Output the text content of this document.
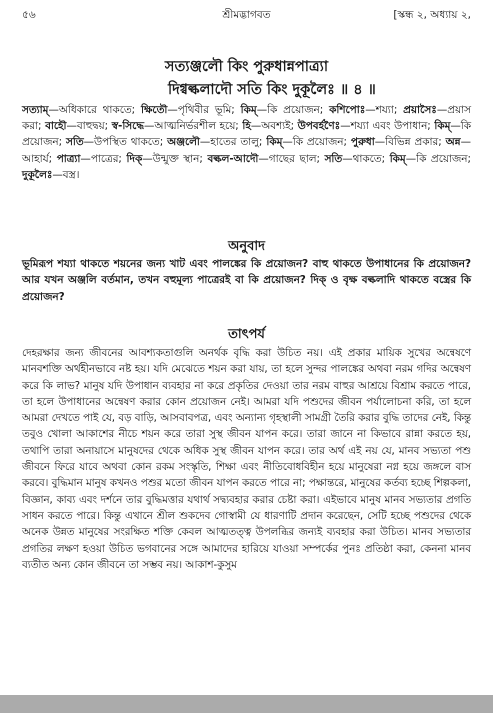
৫৬	শ্রীমদ্ভাগবত	[স্কন্ধ ২, অধ্যায় ২,
সত্যঞ্জলৌ কিং পুরুধান্নপাত্র্যা
দিগ্বল্কলাদৌ সতি কিং দুকূলৈঃ ॥ ৪ ॥
সত্যাম্—অধিকারে থাকতে; ক্ষিতৌ—পৃথিবীর ভূমি; কিম্—কি প্রয়োজন; কশিপোঃ—শয্যা; প্রয়াসৈঃ—প্রয়াস করা; বাহৌ—বাহুদ্বয়; স্ব-সিদ্ধে—আত্মনির্ভরশীল হয়ে; হি—অবশ্যই; উপবর্হণৈঃ—শয্যা এবং উপাধান; কিম্—কি প্রয়োজন; সতি—উপস্থিত থাকতে; অঞ্জলৌ—হাতের তালু; কিম্—কি প্রয়োজন; পুরুধা—বিভিন্ন প্রকার; অন্ন—আহার্য; পাত্র্যা—পাত্রের; দিক্—উন্মুক্ত স্থান; বল্কল-আদৌ—গাছের ছাল; সতি—থাকতে; কিম্—কি প্রয়োজন; দুকূলৈঃ—বস্ত্র।
অনুবাদ
ভূমিরূপ শয্যা থাকতে শয়নের জন্য খাট এবং পালঙ্কের কি প্রয়োজন? বাহু থাকতে উপাধানের কি প্রয়োজন? আর যখন অঞ্জলি বর্তমান, তখন বহুমূল্য পাত্রেরই বা কি প্রয়োজন? দিক্ ও বৃক্ষ বল্কলাদি থাকতে বস্ত্রের কি প্রয়োজন?
তাৎপর্য
দেহরক্ষার জন্য জীবনের আবশ্যকতাগুলি অনর্থক বৃদ্ধি করা উচিত নয়। এই প্রকার মায়িক সুখের অন্বেষণে মানবশক্তি অর্থহীনভাবে নষ্ট হয়। যদি মেঝেতে শয়ন করা যায়, তা হলে সুন্দর পালঙ্কের অথবা নরম গদির অন্বেষণ করে কি লাভ? মানুষ যদি উপাধান ব্যবহার না করে প্রকৃতির দেওয়া তার নরম বাহুর আশ্রয়ে বিশ্রাম করতে পারে, তা হলে উপাধানের অন্বেষণ করার কোন প্রয়োজন নেই। আমরা যদি পশুদের জীবন পর্যালোচনা করি, তা হলে আমরা দেখতে পাই যে, বড় বাড়ি, আসবাবপত্র, এবং অন্যান্য গৃহস্থালী সামগ্রী তৈরি করার বুদ্ধি তাদের নেই, কিন্তু তবুও খোলা আকাশের নীচে শয়ন করে তারা সুস্থ জীবন যাপন করে। তারা জানে না কিভাবে রান্না করতে হয়, তথাপি তারা অনায়াসে মানুষদের থেকে অধিক সুস্থ জীবন যাপন করে। তার অর্থ এই নয় যে, মানব সভ্যতা পশু জীবনে ফিরে যাবে অথবা কোন রকম সংস্কৃতি, শিক্ষা এবং নীতিবোধবিহীন হয়ে মানুষেরা নগ্ন হয়ে জঙ্গলে বাস করবে। বুদ্ধিমান মানুষ কখনও পশুর মতো জীবন যাপন করতে পারে না; পক্ষান্তরে, মানুষের কর্তব্য হচ্ছে শিল্পকলা, বিজ্ঞান, কাব্য এবং দর্শনে তার বুদ্ধিমত্তার যথার্থ সদ্ব্যবহার করার চেষ্টা করা। এইভাবে মানুষ মানব সভ্যতার প্রগতি সাধন করতে পারে। কিন্তু এখানে শ্রীল শুকদেব গোস্বামী যে ধারণাটি প্রদান করেছেন, সেটি হচ্ছে পশুদের থেকে অনেক উন্নত মানুষের সংরক্ষিত শক্তি কেবল আত্মতত্ত্ব উপলব্ধির জন্যই ব্যবহার করা উচিত। মানব সভ্যতার প্রগতির লক্ষণ হওয়া উচিত ভগবানের সঙ্গে আমাদের হারিয়ে যাওয়া সম্পর্কের পুনঃ প্রতিষ্ঠা করা, কেননা মানব ব্যতীত অন্য কোন জীবনে তা সম্ভব নয়। আকাশ-কুসুম
